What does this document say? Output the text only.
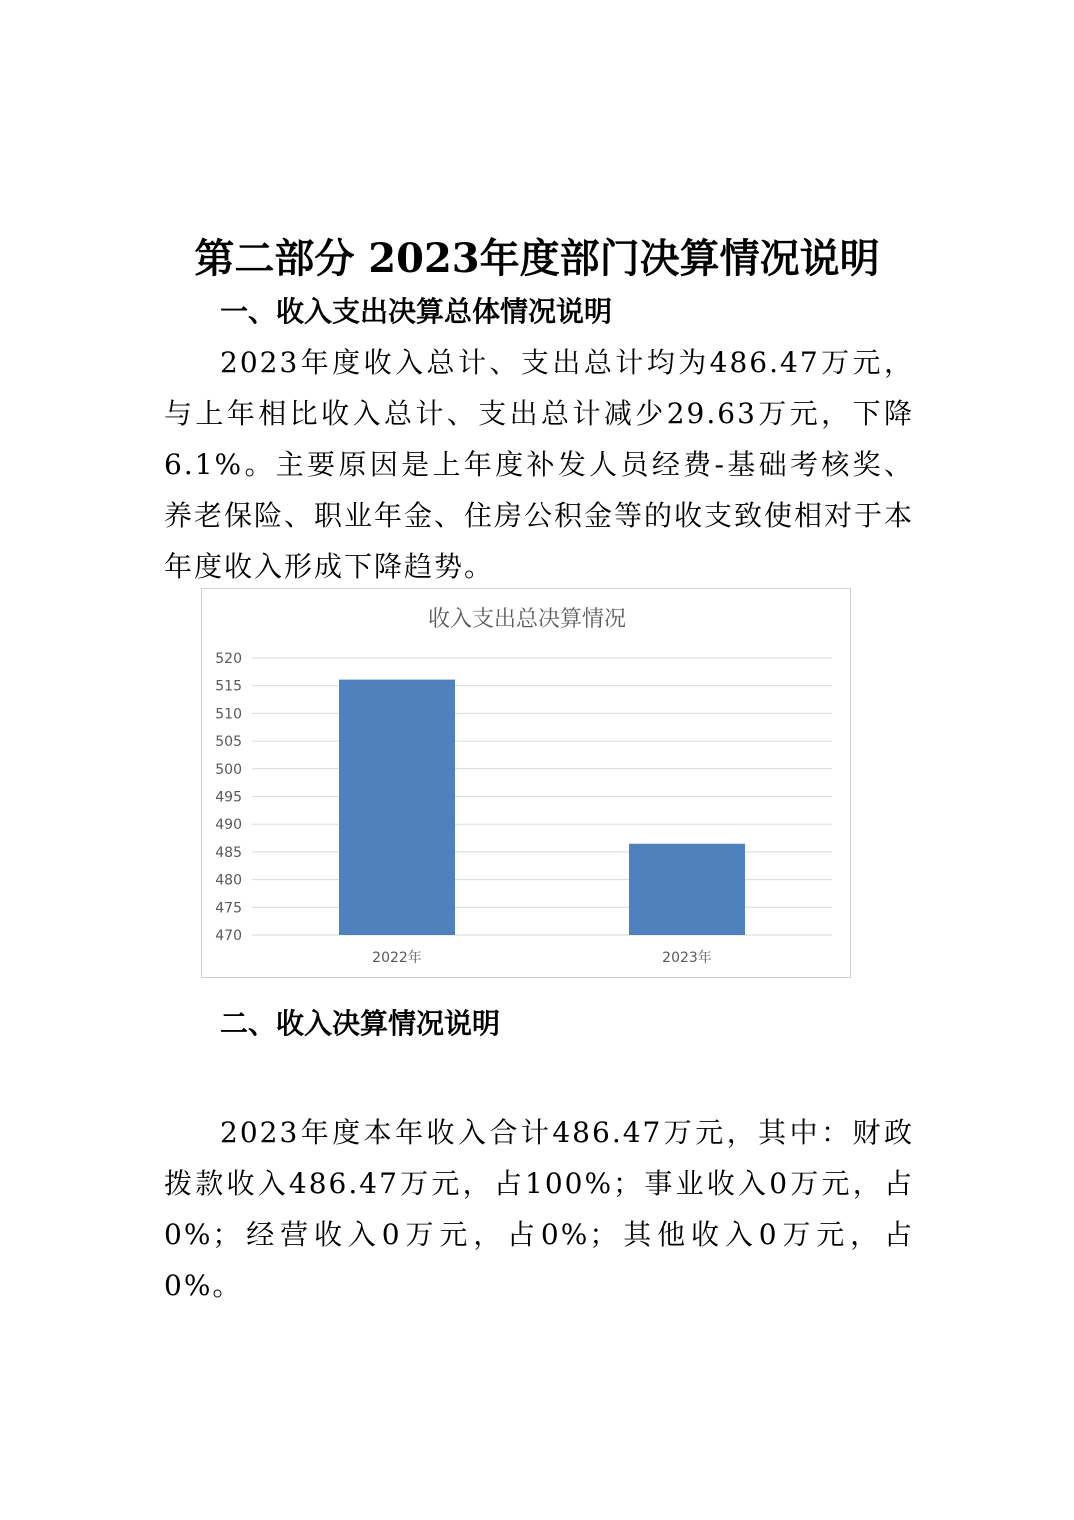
第二部分 2023年度部门决算情况说明
一、收入支出决算总体情况说明

2023年度收入总计、支出总计均为486.47万元，与上年相比收入总计、支出总计减少29.63万元，下降6.1%。主要原因是上年度补发人员经费-基础考核奖、养老保险、职业年金、住房公积金等的收支致使相对于本年度收入形成下降趋势。

收入支出总决算情况
470
475
480
485
490
495
500
505
510
515
520
2022年	2023年
二、收入决算情况说明

2023年度本年收入合计486.47万元，其中：财政拨款收入486.47万元，占100%；事业收入0万元，占0%；经营收入0万元，占0%；其他收入0万元，占0%。
